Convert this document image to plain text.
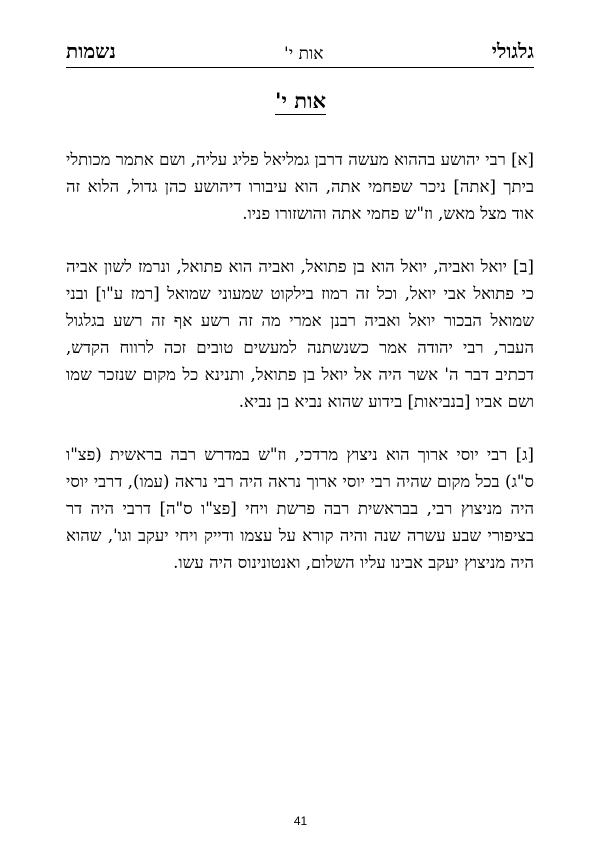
גלגולי
אות י'
נשמות
אות י'

[א] רבי יהושע בההוא מעשה דרבן גמליאל פליג עליה, ושם אתמר מכותלי ביתך [אתה] ניכר שפחמי אתה, הוא עיבורו דיהושע כהן גדול, הלוא זה אוד מצל מאש, וז"ש פחמי אתה והושזורו פניו.

[ב] יואל ואביה, יואל הוא בן פתואל, ואביה הוא פתואל, ונרמז לשון אביה כי פתואל אבי יואל, וכל זה רמוז בילקוט שמעוני שמואל [רמז ע"ו] ובני שמואל הבכור יואל ואביה רבנן אמרי מה זה רשע אף זה רשע בגלגול העבר, רבי יהודה אמר כשנשתנה למעשים טובים זכה לרווח הקדש, דכתיב דבר ה' אשר היה אל יואל בן פתואל, ותנינא כל מקום שנזכר שמו ושם אביו [בנביאות] בידוע שהוא נביא בן נביא.

[ג] רבי יוסי ארוך הוא ניצוץ מרדכי, וז"ש במדרש רבה בראשית (פצ"ו ס"ג) בכל מקום שהיה רבי יוסי ארוך נראה היה רבי נראה (עמו), דרבי יוסי היה מניצוץ רבי, בבראשית רבה פרשת ויחי [פצ"ו ס"ה] דרבי היה דר בציפורי שבע עשרה שנה והיה קורא על עצמו ודייק ויחי יעקב וגו', שהוא היה מניצוץ יעקב אבינו עליו השלום, ואנטונינוס היה עשו.

41
